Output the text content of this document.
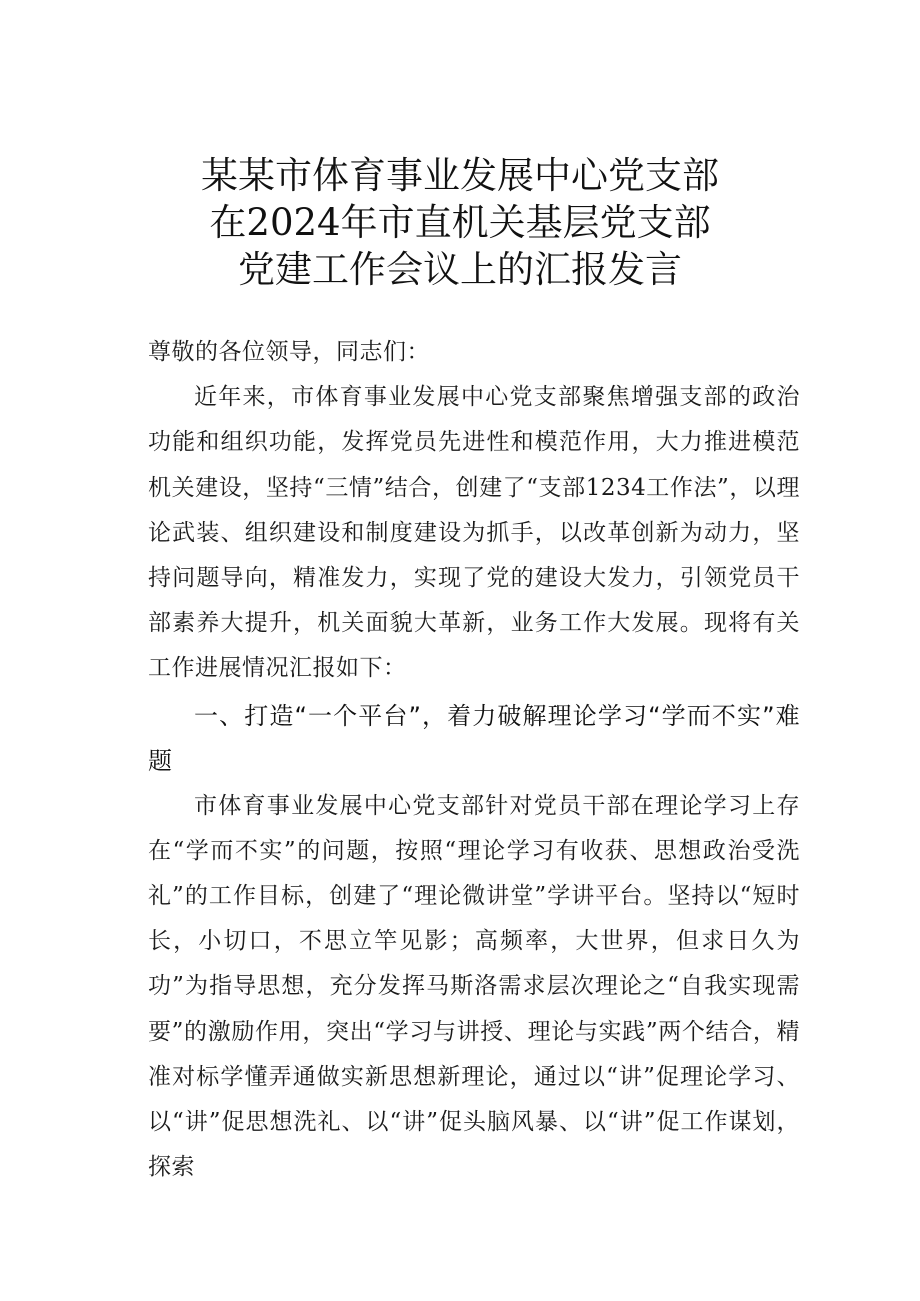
某某市体育事业发展中心党支部
在2024年市直机关基层党支部
党建工作会议上的汇报发言

尊敬的各位领导，同志们：

近年来，市体育事业发展中心党支部聚焦增强支部的政治功能和组织功能，发挥党员先进性和模范作用，大力推进模范机关建设，坚持“三情”结合，创建了“支部1234工作法”，以理论武装、组织建设和制度建设为抓手，以改革创新为动力，坚持问题导向，精准发力，实现了党的建设大发力，引领党员干部素养大提升，机关面貌大革新，业务工作大发展。现将有关工作进展情况汇报如下：

一、打造“一个平台”，着力破解理论学习“学而不实”难题

市体育事业发展中心党支部针对党员干部在理论学习上存在“学而不实”的问题，按照“理论学习有收获、思想政治受洗礼”的工作目标，创建了“理论微讲堂”学讲平台。坚持以“短时长，小切口，不思立竿见影；高频率，大世界，但求日久为功”为指导思想，充分发挥马斯洛需求层次理论之“自我实现需要”的激励作用，突出“学习与讲授、理论与实践”两个结合，精准对标学懂弄通做实新思想新理论，通过以“讲”促理论学习、以“讲”促思想洗礼、以“讲”促头脑风暴、以“讲”促工作谋划，探索
